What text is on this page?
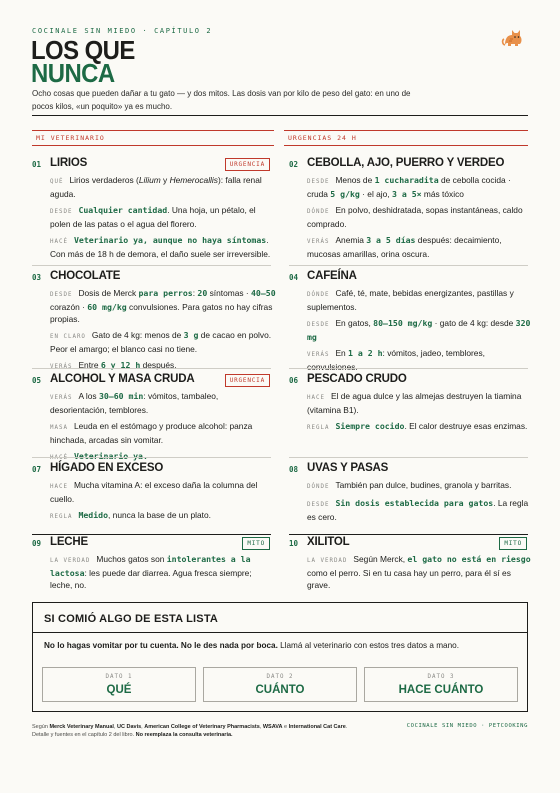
COCINALE SIN MIEDO · CAPÍTULO 2
LOS QUE
NUNCA
Ocho cosas que pueden dañar a tu gato — y dos mitos. Las dosis van por kilo de peso del gato: en uno de pocos kilos, «un poquito» ya es mucho.
MI VETERINARIO	URGENCIAS 24 H
01 LIRIOS	URGENCIA
QUÉ Lirios verdaderos (Lilium y Hemerocallis): falla renal aguda.
DESDE Cualquier cantidad. Una hoja, un pétalo, el polen de las patas o el agua del florero.
HACÉ Veterinario ya, aunque no haya síntomas. Con más de 18 h de demora, el daño suele ser irreversible.
02 CEBOLLA, AJO, PUERRO Y VERDEO
DESDE Menos de 1 cucharadita de cebolla cocida · cruda 5 g/kg · el ajo, 3 a 5× más tóxico
DÓNDE En polvo, deshidratada, sopas instantáneas, caldo comprado.
VERÁS Anemia 3 a 5 días después: decaimiento, mucosas amarillas, orina oscura.
03 CHOCOLATE
DESDE Dosis de Merck para perros: 20 síntomas · 40–50 corazón · 60 mg/kg convulsiones. Para gatos no hay cifras propias.
EN CLARO Gato de 4 kg: menos de 3 g de cacao en polvo. Peor el amargo; el blanco casi no tiene.
VERÁS Entre 6 y 12 h después.
04 CAFEÍNA
DÓNDE Café, té, mate, bebidas energizantes, pastillas y suplementos.
DESDE En gatos, 80–150 mg/kg · gato de 4 kg: desde 320 mg
VERÁS En 1 a 2 h: vómitos, jadeo, temblores, convulsiones.
05 ALCOHOL Y MASA CRUDA	URGENCIA
VERÁS A los 30–60 min: vómitos, tambaleo, desorientación, temblores.
MASA Leuda en el estómago y produce alcohol: panza hinchada, arcadas sin vomitar.
HACÉ Veterinario ya.
06 PESCADO CRUDO
HACE El de agua dulce y las almejas destruyen la tiamina (vitamina B1).
REGLA Siempre cocido. El calor destruye esas enzimas.
07 HÍGADO EN EXCESO
HACE Mucha vitamina A: el exceso daña la columna del cuello.
REGLA Medido, nunca la base de un plato.
08 UVAS Y PASAS
DÓNDE También pan dulce, budines, granola y barritas.
DESDE Sin dosis establecida para gatos. La regla es cero.
09 LECHE	MITO
LA VERDAD Muchos gatos son intolerantes a la lactosa: les puede dar diarrea. Agua fresca siempre; leche, no.
10 XILITOL	MITO
LA VERDAD Según Merck, el gato no está en riesgo como el perro. Si en tu casa hay un perro, para él sí es grave.
SI COMIÓ ALGO DE ESTA LISTA
No lo hagas vomitar por tu cuenta. No le des nada por boca. Llamá al veterinario con estos tres datos a mano.
DATO 1
QUÉ
DATO 2
CUÁNTO
DATO 3
HACE CUÁNTO
Según Merck Veterinary Manual, UC Davis, American College of Veterinary Pharmacists, WSAVA e International Cat Care.
Detalle y fuentes en el capítulo 2 del libro. No reemplaza la consulta veterinaria.
COCINALE SIN MIEDO · PETCOOKING
